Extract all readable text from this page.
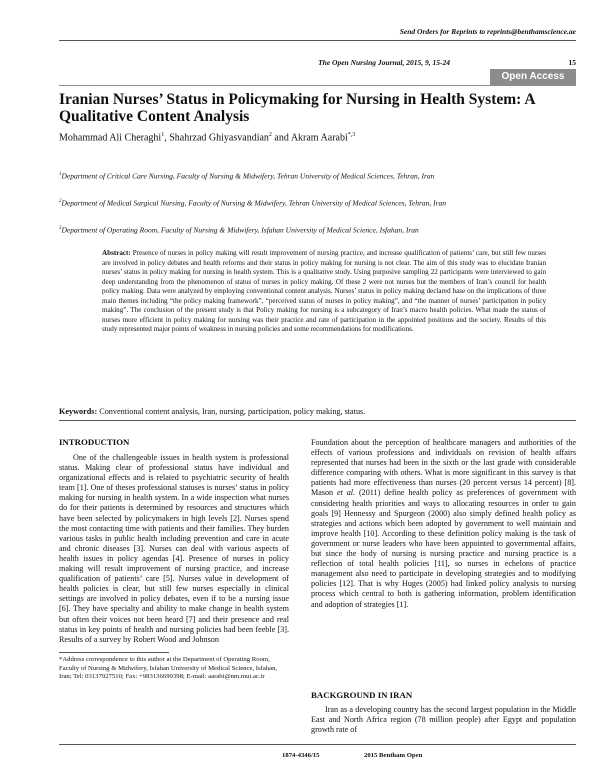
Send Orders for Reprints to reprints@benthamscience.ae
The Open Nursing Journal, 2015, 9, 15-24	15
Open Access
Iranian Nurses’ Status in Policymaking for Nursing in Health System: A Qualitative Content Analysis
Mohammad Ali Cheraghi$^1$, Shahrzad Ghiyasvandian$^2$ and Akram Aarabi$^{*,3}$
$^1$Department of Critical Care Nursing, Faculty of Nursing & Midwifery, Tehran University of Medical Sciences, Tehran, Iran
$^2$Department of Medical Surgical Nursing, Faculty of Nursing & Midwifery, Tehran University of Medical Sciences, Tehran, Iran
$^3$Department of Operating Room, Faculty of Nursing & Midwifery, Isfahan University of Medical Science, Isfahan, Iran
Abstract: Presence of nurses in policy making will result improvement of nursing practice, and increase qualification of patients’ care, but still few nurses are involved in policy debates and health reforms and their status in policy making for nursing is not clear. The aim of this study was to elucidate Iranian nurses’ status in policy making for nursing in health system. This is a qualitative study. Using purposive sampling 22 participants were interviewed to gain deep understanding from the phenomenon of status of nurses in policy making. Of these 2 were not nurses but the members of Iran’s council for health policy making. Data were analyzed by employing conventional content analysis. Nurses’ status in policy making declared base on the implications of three main themes including “the policy making framework”, “perceived status of nurses in policy making”, and “the manner of nurses’ participation in policy making”. The conclusion of the present study is that Policy making for nursing is a subcategory of Iran’s macro health policies. What made the status of nurses more efficient in policy making for nursing was their practice and rate of participation in the appointed positions and the society. Results of this study represented major points of weakness in nursing policies and some recommendations for modifications.
Keywords: Conventional content analysis, Iran, nursing, participation, policy making, status.
INTRODUCTION

One of the challengeable issues in health system is professional status. Making clear of professional status have individual and organizational effects and is related to psychiatric security of health team [1]. One of theses professional statuses is nurses’ status in policy making for nursing in health system. In a wide inspection what nurses do for their patients is determined by resources and structures which have been selected by policymakers in high levels [2]. Nurses spend the most contacting time with patients and their families. They burden various tasks in public health including prevention and care in acute and chronic diseases [3]. Nurses can deal with various aspects of health issues in policy agendas [4]. Presence of nurses in policy making will result improvement of nursing practice, and increase qualification of patients’ care [5]. Nurses value in development of health policies is clear, but still few nurses especially in clinical settings are involved in policy debates, even if to be a nursing issue [6]. They have specialty and ability to make change in health system but often their voices not been heard [7] and their presence and real status in key points of health and nursing policies had been feeble [3]. Results of a survey by Robert Wood and Johnson

Foundation about the perception of healthcare managers and authorities of the effects of various professions and individuals on revision of health affairs represented that nurses had been in the sixth or the last grade with considerable difference comparing with others. What is more significant in this survey is that patients had more effectiveness than nurses (20 percent versus 14 percent) [8]. Mason et al. (2011) define health policy as preferences of government with considering health priorities and ways to allocating resources in order to gain goals [9] Hennessy and Spurgeon (2000) also simply defined health policy as strategies and actions which been adopted by government to well maintain and improve health [10]. According to these definition policy making is the task of government or nurse leaders who have been appointed to governmental affairs, but since the body of nursing is nursing practice and nursing practice is a reflection of total health policies [11], so nurses in echelons of practice management also need to participate in developing strategies and to modifying policies [12]. That is why Huges (2005) had linked policy analysis to nursing process which central to both is gathering information, problem identification and adoption of strategies [1].

BACKGROUND IN IRAN

Iran as a developing country has the second largest population in the Middle East and North Africa region (78 million people) after Egypt and population growth rate of

*Address correspondence to this author at the Department of Operating Room, Faculty of Nursing & Midwifery, Isfahan University of Medical Science, Isfahan, Iran; Tel: 03137927510; Fax: +983136699398; E-mail: aarabi@nm.mui.ac.ir
1874-4346/15	2015 Bentham Open
